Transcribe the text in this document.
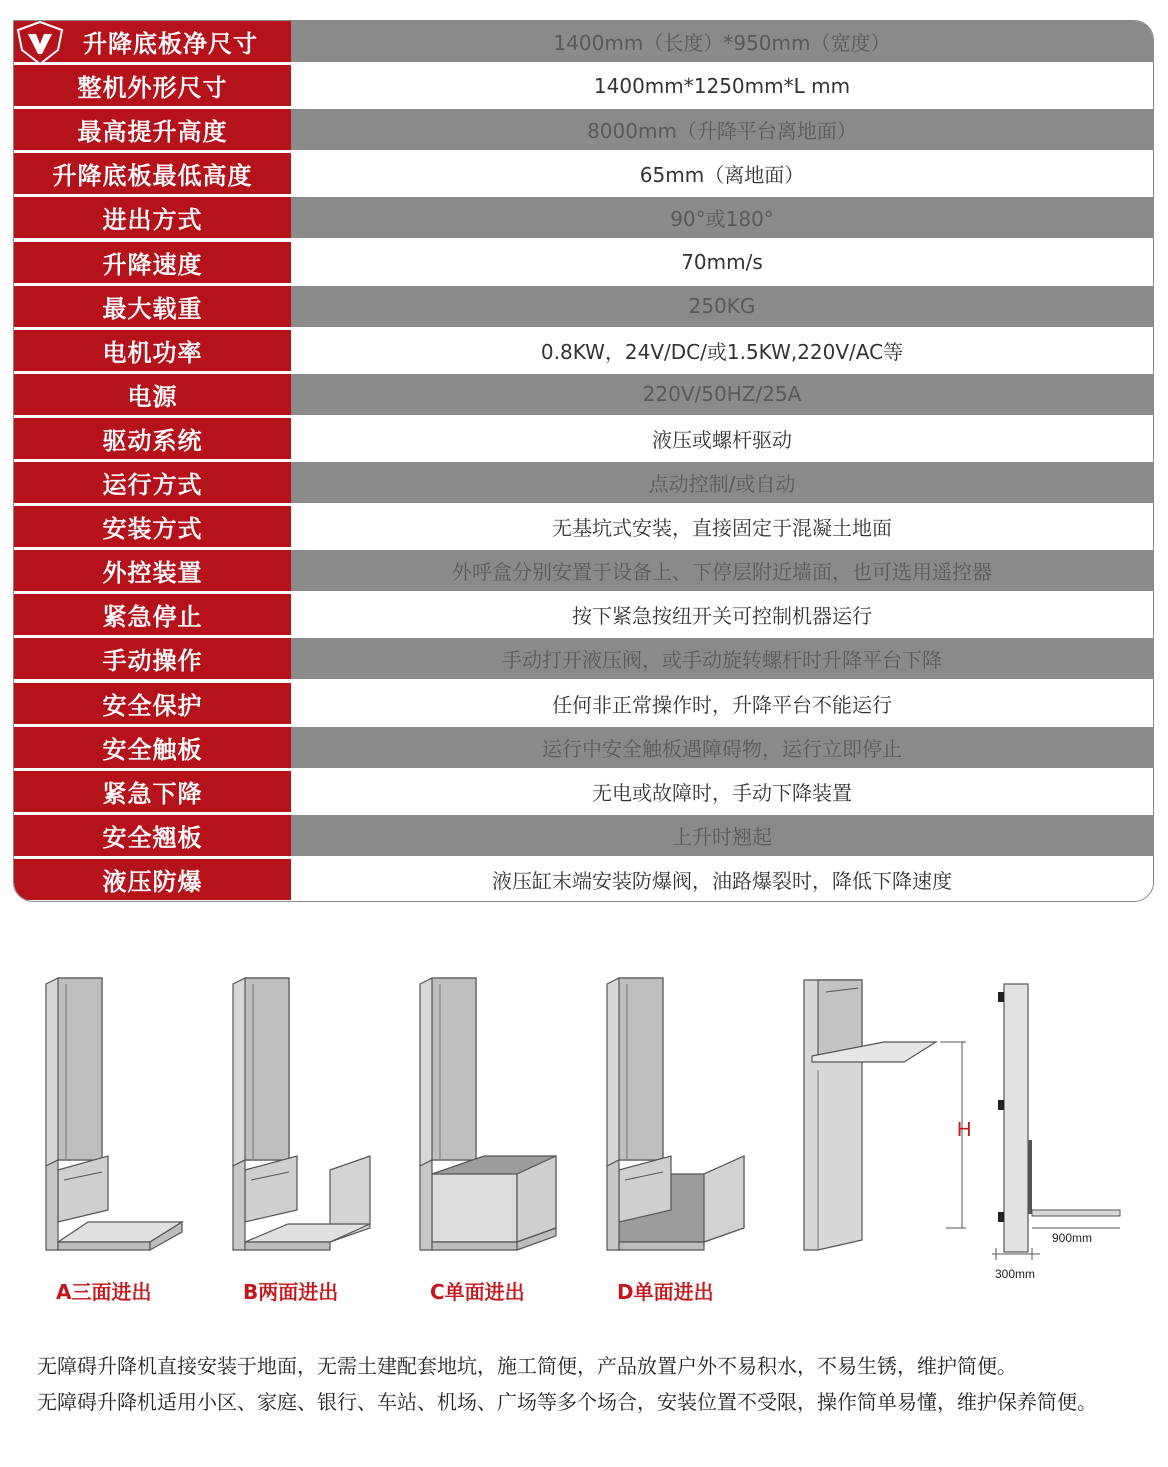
升降底板净尺寸	1400mm（长度）*950mm（宽度）
整机外形尺寸	1400mm*1250mm*L mm
最高提升高度	8000mm（升降平台离地面）
升降底板最低高度	65mm（离地面）
进出方式	90°或180°
升降速度	70mm/s
最大载重	250KG
电机功率	0.8KW，24V/DC/或1.5KW,220V/AC等
电源	220V/50HZ/25A
驱动系统	液压或螺杆驱动
运行方式	点动控制/或自动
安装方式	无基坑式安装，直接固定于混凝土地面
外控装置	外呼盒分别安置于设备上、下停层附近墙面，也可选用遥控器
紧急停止	按下紧急按纽开关可控制机器运行
手动操作	手动打开液压阀，或手动旋转螺杆时升降平台下降
安全保护	任何非正常操作时，升降平台不能运行
安全触板	运行中安全触板遇障碍物，运行立即停止
紧急下降	无电或故障时，手动下降装置
安全翘板	上升时翘起
液压防爆	液压缸末端安装防爆阀，油路爆裂时，降低下降速度
H
900mm
300mm
A三面进出	B两面进出	C单面进出	D单面进出
无障碍升降机直接安装于地面，无需土建配套地坑，施工简便，产品放置户外不易积水，不易生锈，维护简便。
无障碍升降机适用小区、家庭、银行、车站、机场、广场等多个场合，安装位置不受限，操作简单易懂，维护保养简便。
